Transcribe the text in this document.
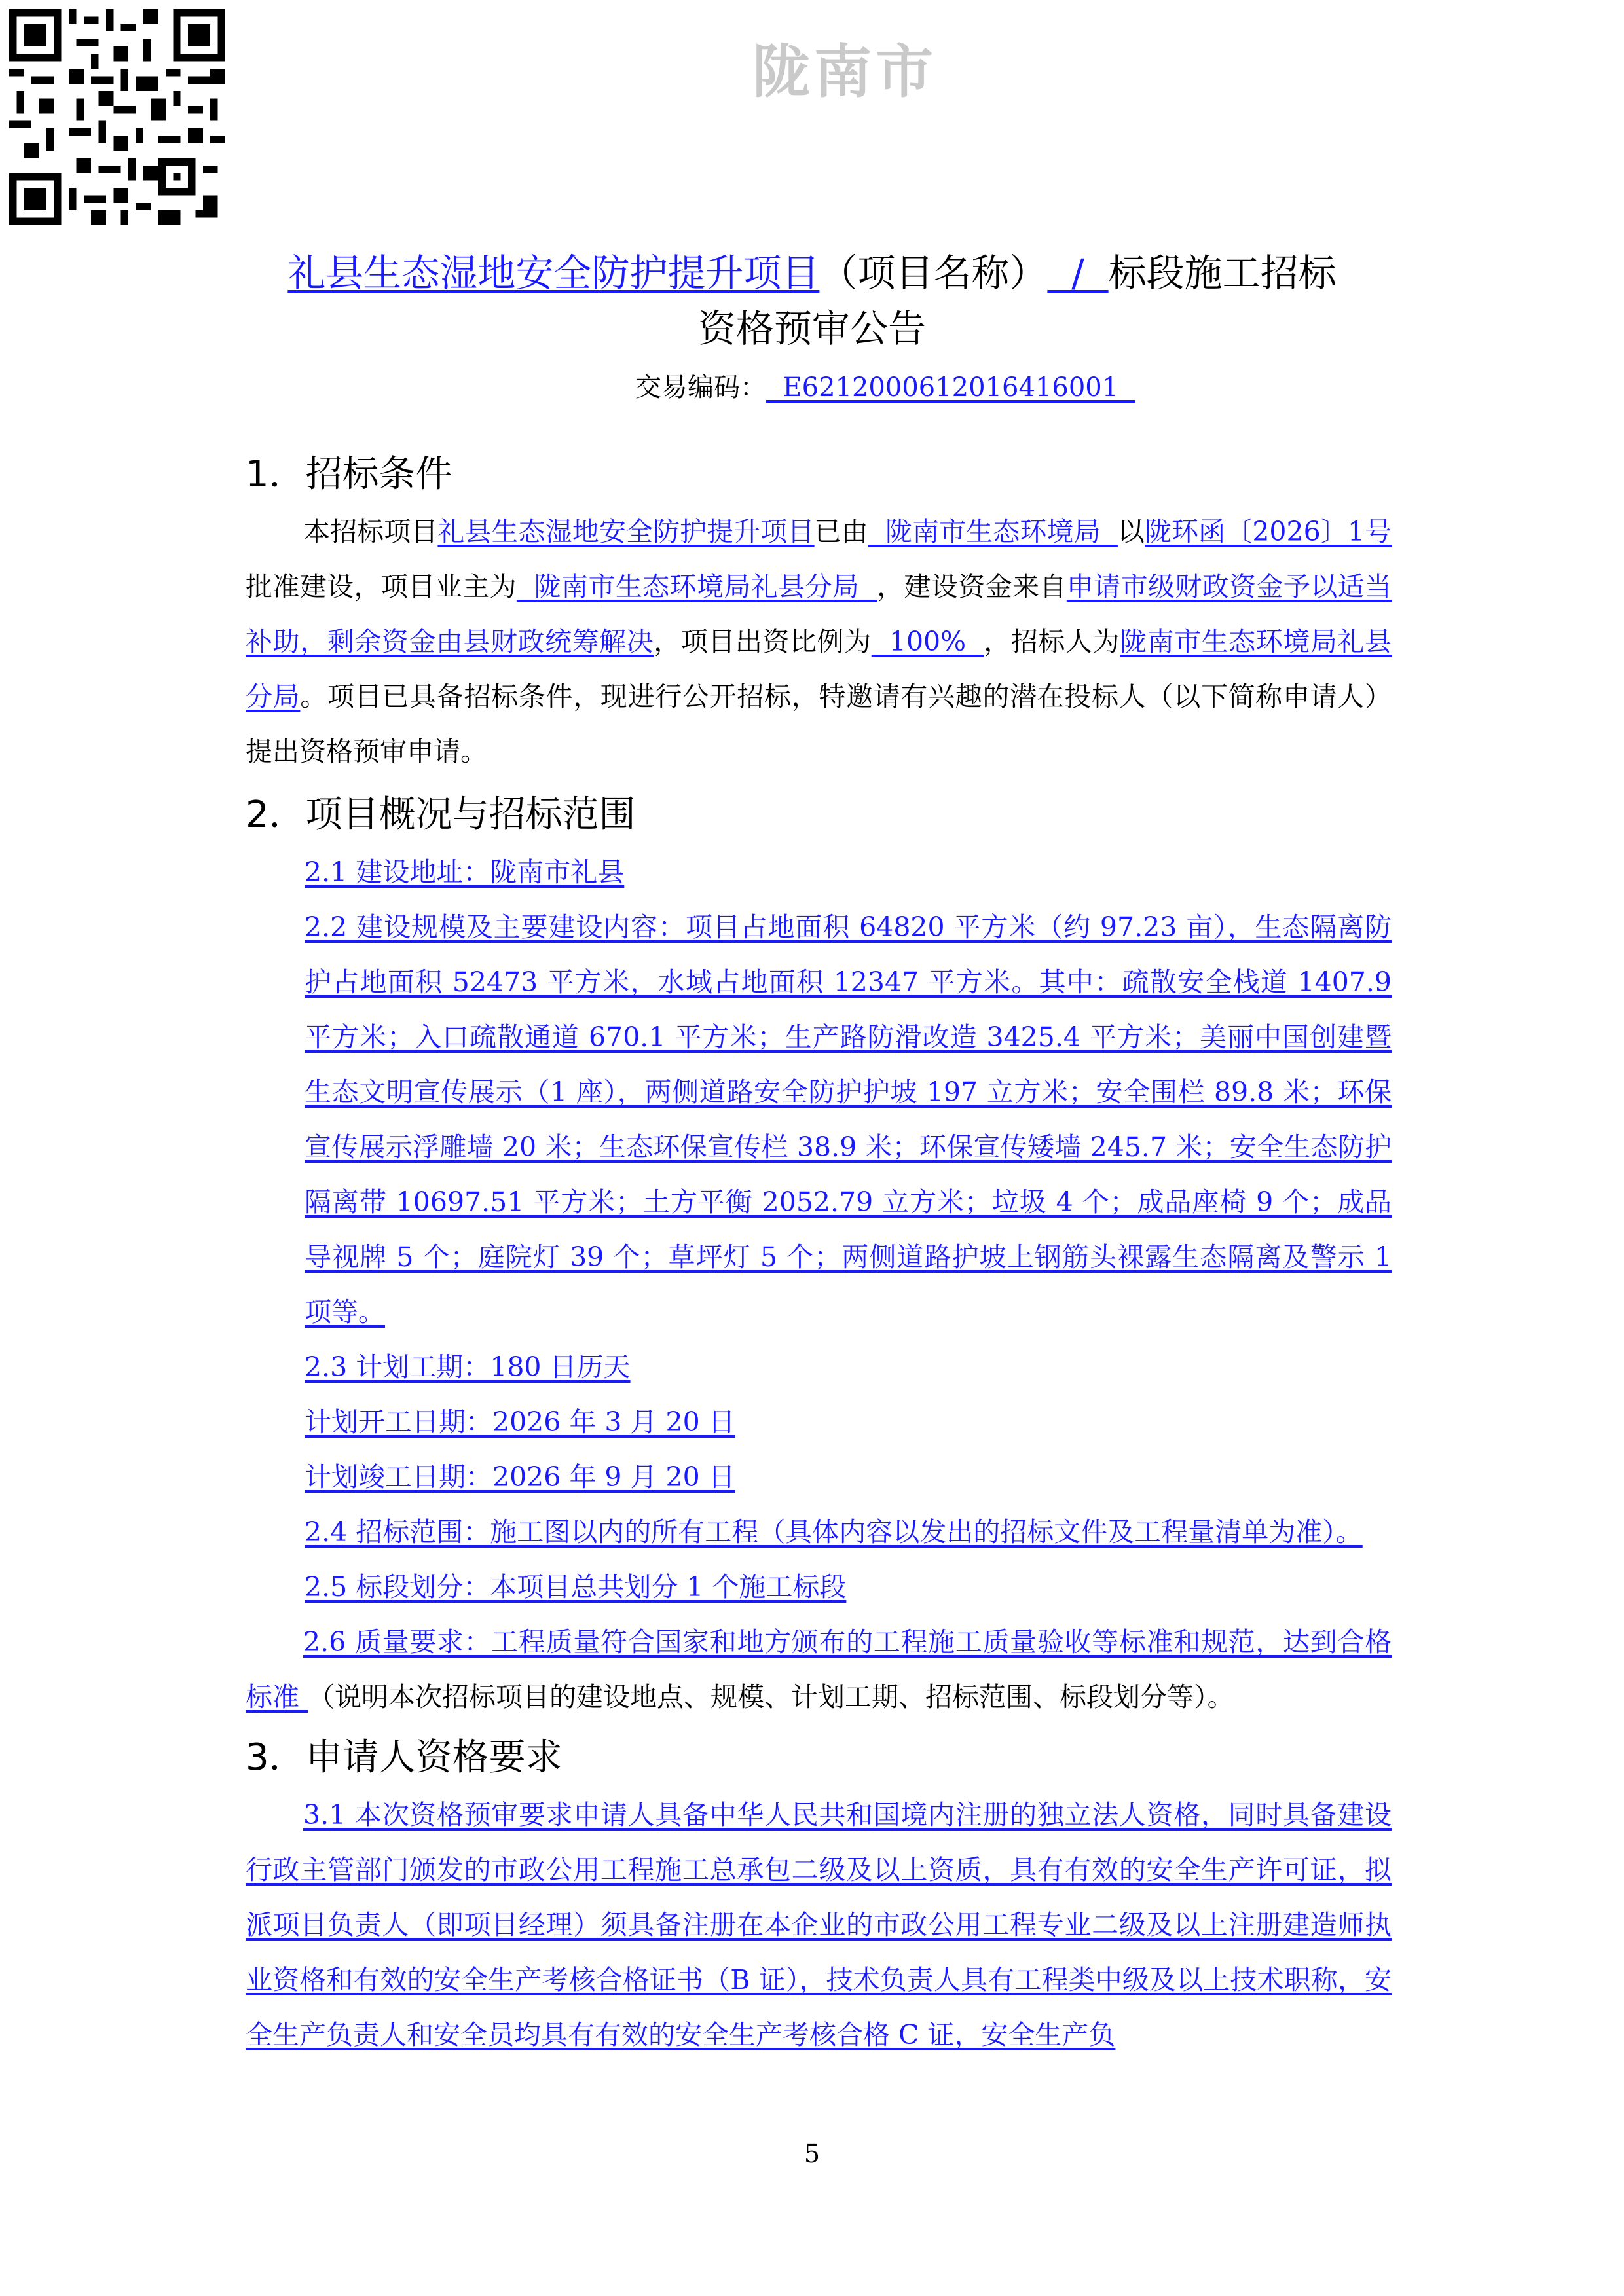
陇南市
礼县生态湿地安全防护提升项目（项目名称）  /  标段施工招标
资格预审公告
交易编码：  E6212000612016416001
1．招标条件
本招标项目礼县生态湿地安全防护提升项目已由  陇南市生态环境局  以陇环函〔2026〕1号批准建设，项目业主为  陇南市生态环境局礼县分局  ，建设资金来自申请市级财政资金予以适当补助，剩余资金由县财政统筹解决，项目出资比例为  100%  ，招标人为陇南市生态环境局礼县分局。项目已具备招标条件，现进行公开招标，特邀请有兴趣的潜在投标人（以下简称申请人）提出资格预审申请。
2．项目概况与招标范围
2.1 建设地址：陇南市礼县
2.2 建设规模及主要建设内容：项目占地面积 64820 平方米（约 97.23 亩），生态隔离防护占地面积 52473 平方米，水域占地面积 12347 平方米。其中：疏散安全栈道 1407.9 平方米；入口疏散通道 670.1 平方米；生产路防滑改造 3425.4 平方米；美丽中国创建暨生态文明宣传展示（1 座），两侧道路安全防护护坡 197 立方米；安全围栏 89.8 米；环保宣传展示浮雕墙 20 米；生态环保宣传栏 38.9 米；环保宣传矮墙 245.7 米；安全生态防护隔离带 10697.51 平方米；土方平衡 2052.79 立方米；垃圾 4 个；成品座椅 9 个；成品导视牌 5 个；庭院灯 39 个；草坪灯 5 个；两侧道路护坡上钢筋头裸露生态隔离及警示 1 项等。
2.3 计划工期：180 日历天
计划开工日期：2026 年 3 月 20 日
计划竣工日期：2026 年 9 月 20 日
2.4 招标范围：施工图以内的所有工程（具体内容以发出的招标文件及工程量清单为准）。
2.5 标段划分：本项目总共划分 1 个施工标段
2.6 质量要求：工程质量符合国家和地方颁布的工程施工质量验收等标准和规范，达到合格标准 （说明本次招标项目的建设地点、规模、计划工期、招标范围、标段划分等）。
3．申请人资格要求
3.1 本次资格预审要求申请人具备中华人民共和国境内注册的独立法人资格，同时具备建设行政主管部门颁发的市政公用工程施工总承包二级及以上资质，具有有效的安全生产许可证，拟派项目负责人（即项目经理）须具备注册在本企业的市政公用工程专业二级及以上注册建造师执业资格和有效的安全生产考核合格证书（B 证），技术负责人具有工程类中级及以上技术职称，安全生产负责人和安全员均具有有效的安全生产考核合格 C 证，安全生产负
5
